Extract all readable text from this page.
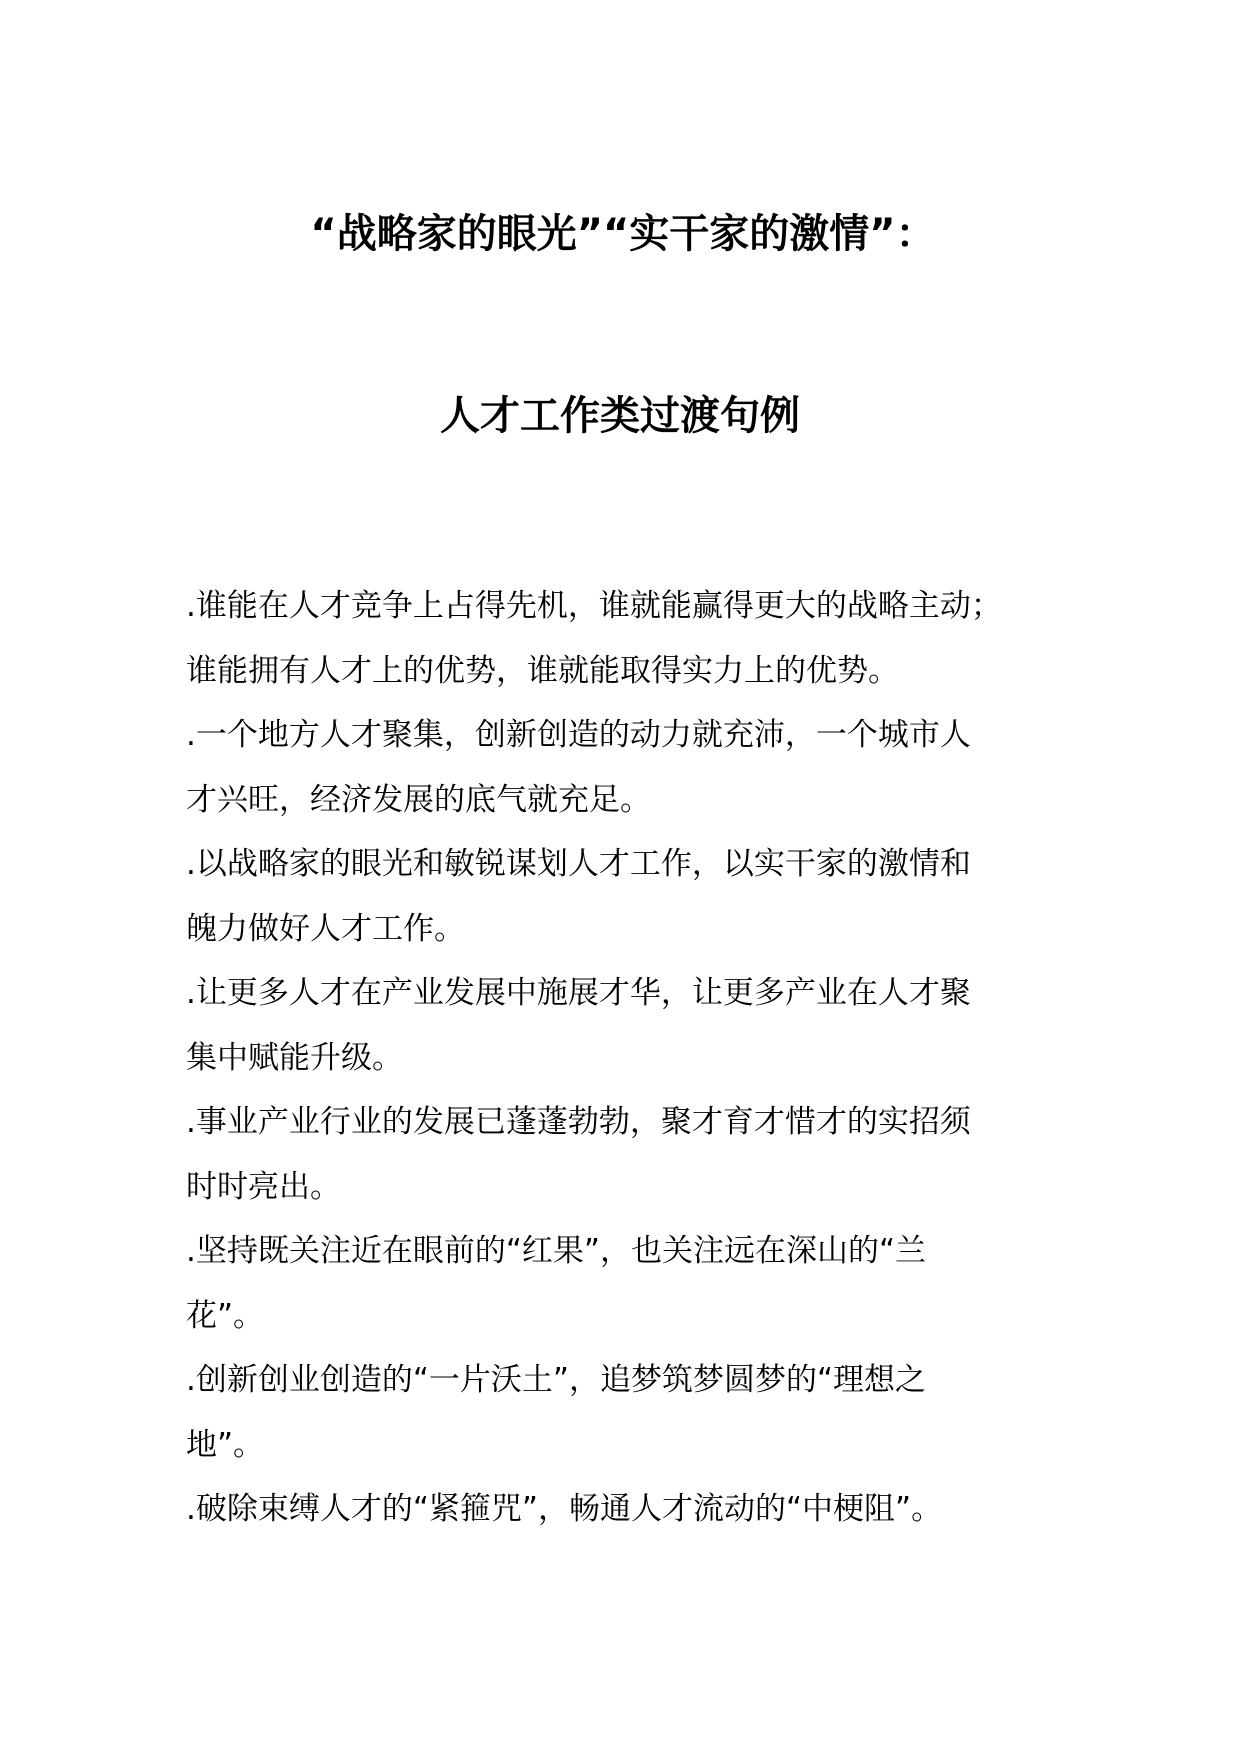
“战略家的眼光”“实干家的激情”：
人才工作类过渡句例

.谁能在人才竞争上占得先机，谁就能赢得更大的战略主动；
谁能拥有人才上的优势，谁就能取得实力上的优势。

.一个地方人才聚集，创新创造的动力就充沛，一个城市人
才兴旺，经济发展的底气就充足。

.以战略家的眼光和敏锐谋划人才工作，以实干家的激情和
魄力做好人才工作。

.让更多人才在产业发展中施展才华，让更多产业在人才聚
集中赋能升级。

.事业产业行业的发展已蓬蓬勃勃，聚才育才惜才的实招须
时时亮出。

.坚持既关注近在眼前的“红果”，也关注远在深山的“兰
花”。

.创新创业创造的“一片沃土”，追梦筑梦圆梦的“理想之
地”。

.破除束缚人才的“紧箍咒”，畅通人才流动的“中梗阻”。
